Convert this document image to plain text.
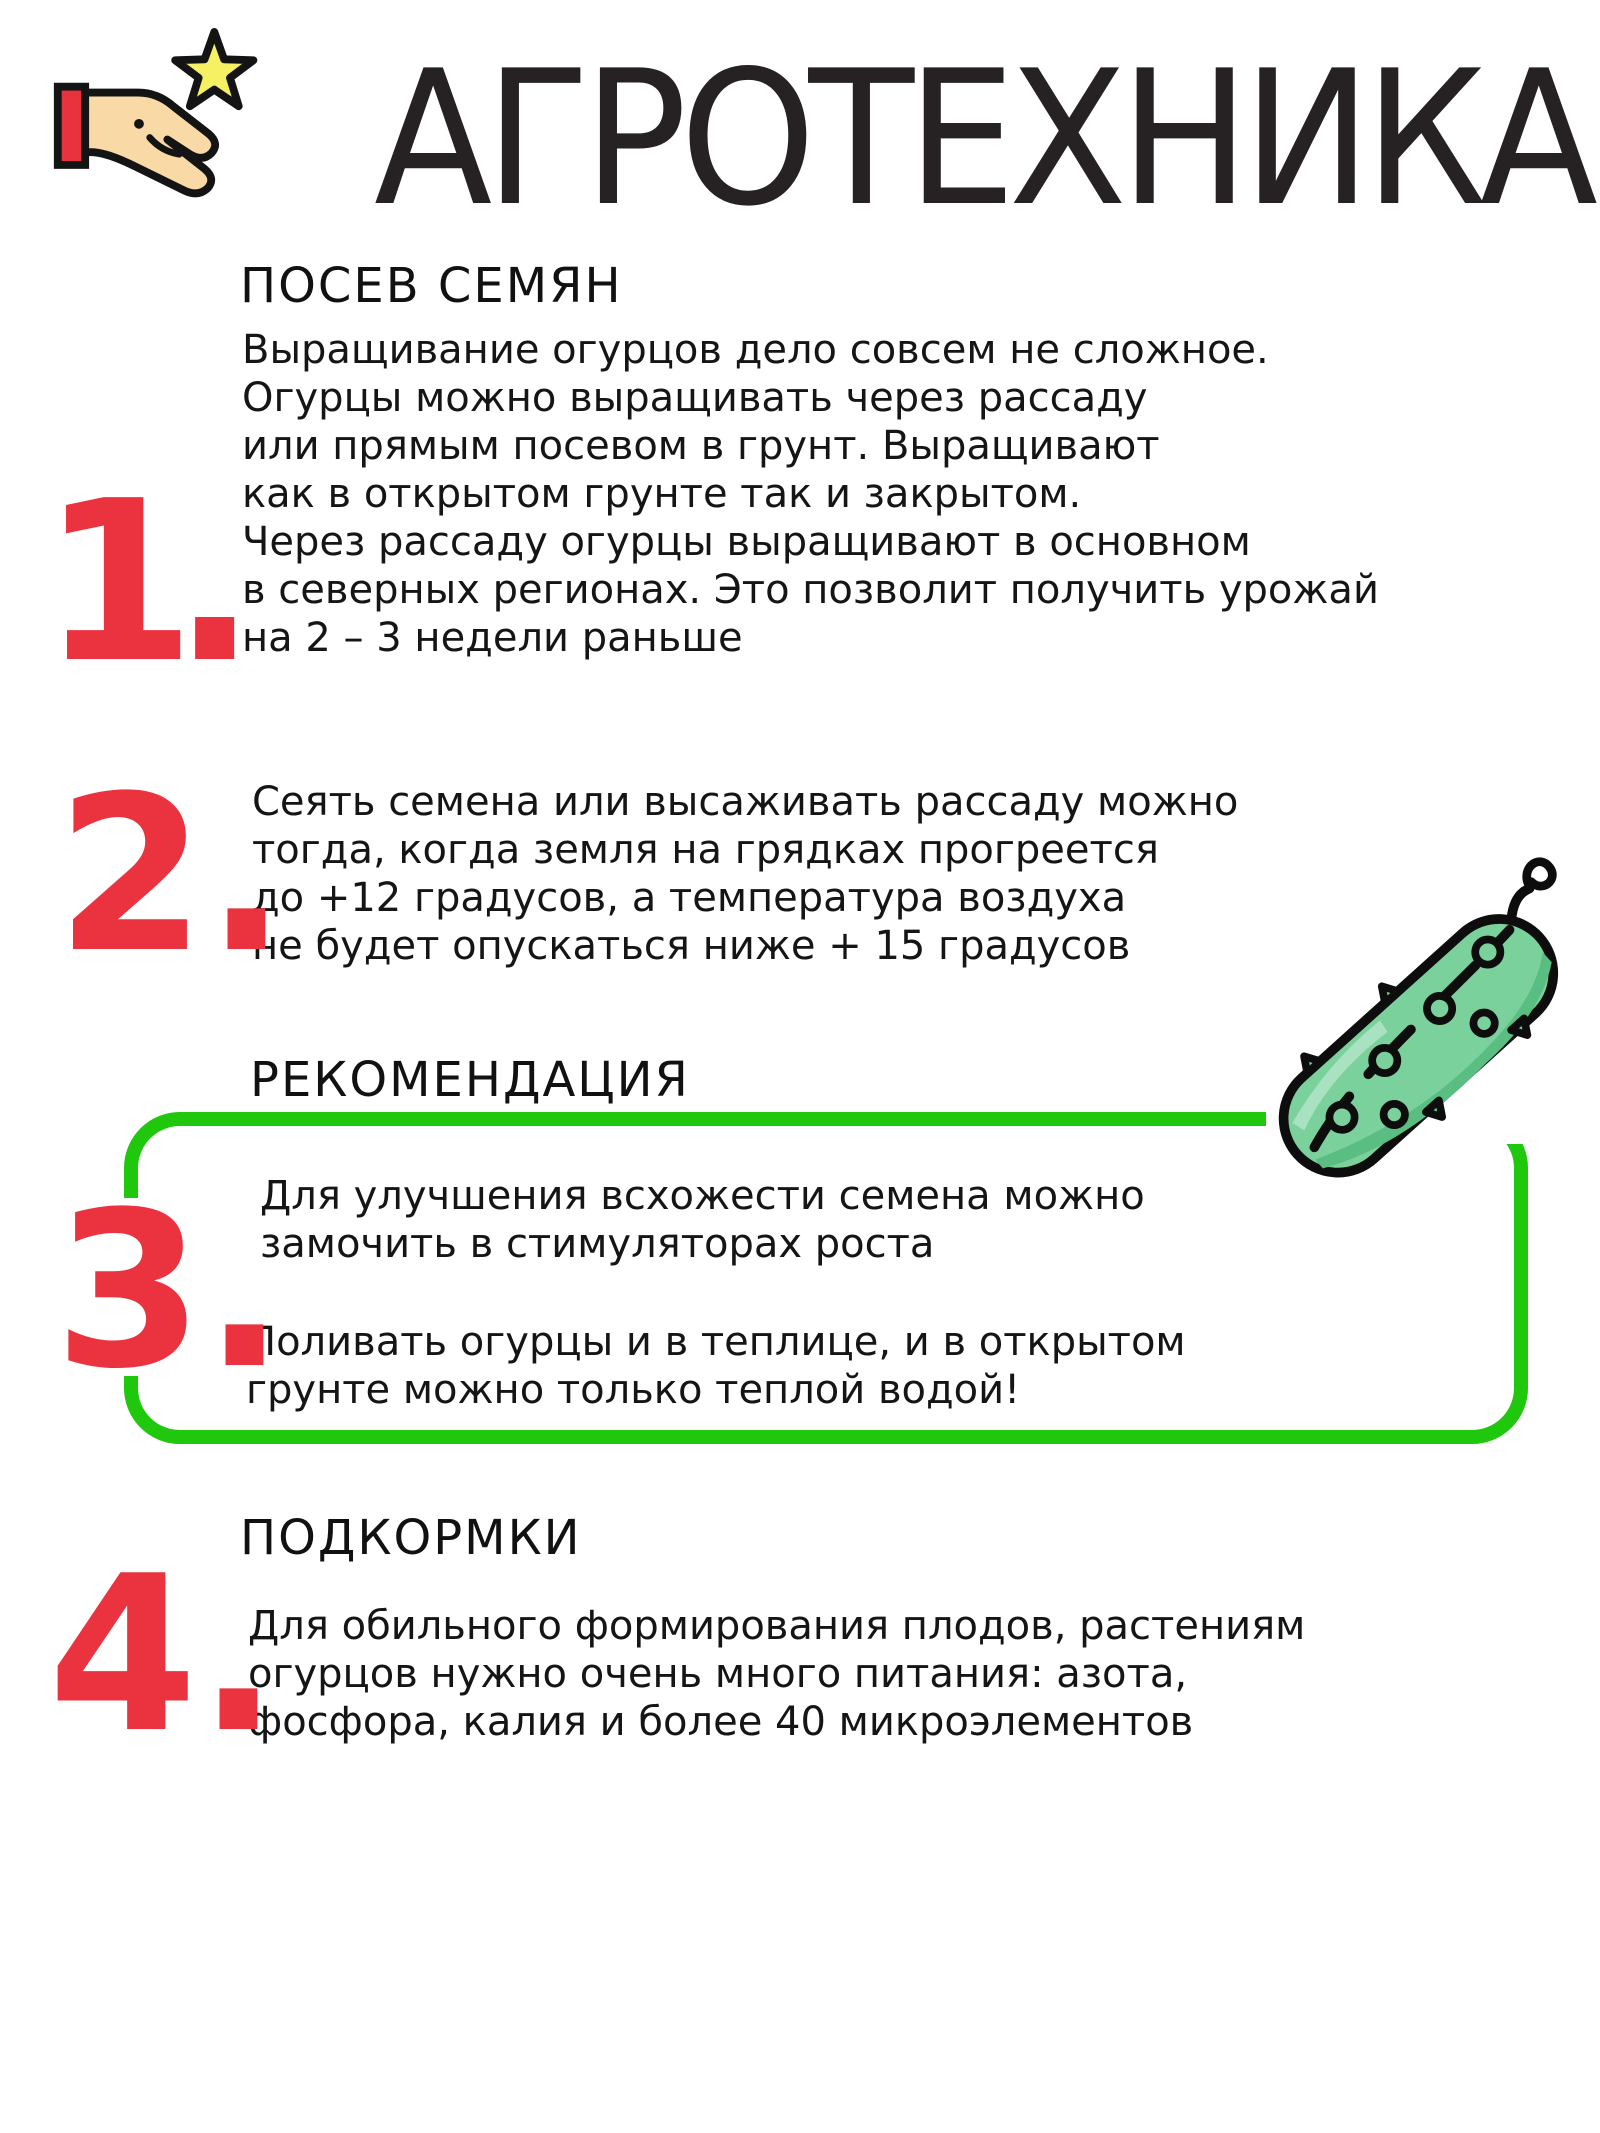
АГРОТЕХНИКА
ПОСЕВ СЕМЯН
Выращивание огурцов дело совсем не сложное.
Огурцы можно выращивать через рассаду
или прямым посевом в грунт. Выращивают
как в открытом грунте так и закрытом.
Через рассаду огурцы выращивают в основном
в северных регионах. Это позволит получить урожай
на 2 – 3 недели раньше
1.
Сеять семена или высаживать рассаду можно
тогда, когда земля на грядках прогреется
до +12 градусов, а температура воздуха
не будет опускаться ниже + 15 градусов
2.
РЕКОМЕНДАЦИЯ
Для улучшения всхожести семена можно
замочить в стимуляторах роста
Поливать огурцы и в теплице, и в открытом
грунте можно только теплой водой!
3.
ПОДКОРМКИ
Для обильного формирования плодов, растениям
огурцов нужно очень много питания: азота,
фосфора, калия и более 40 микроэлементов
4.
